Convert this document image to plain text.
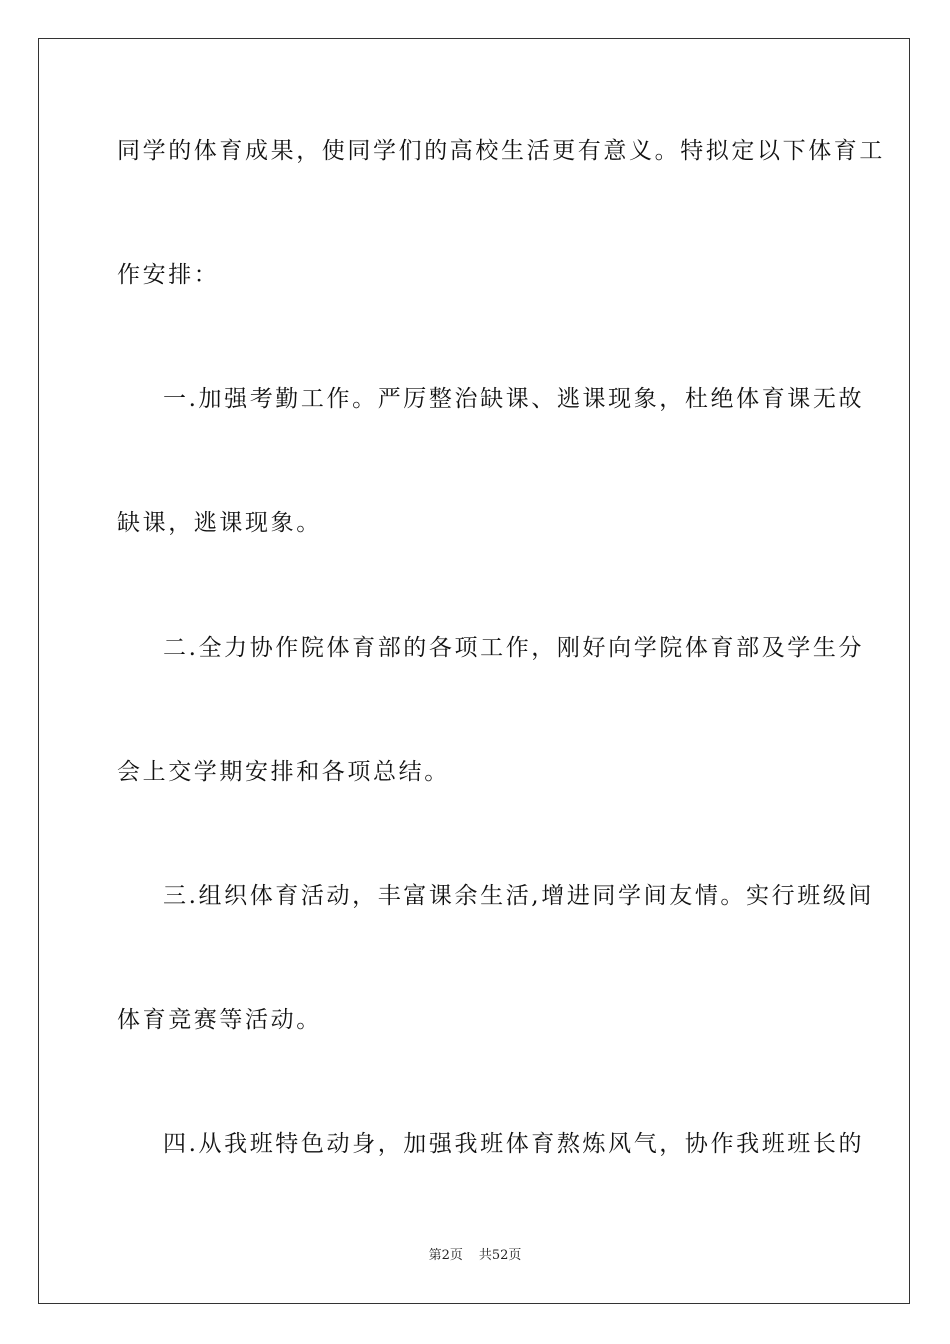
同学的体育成果，使同学们的高校生活更有意义。特拟定以下体育工
作安排：
一.加强考勤工作。严厉整治缺课、逃课现象，杜绝体育课无故
缺课，逃课现象。
二.全力协作院体育部的各项工作，刚好向学院体育部及学生分
会上交学期安排和各项总结。
三.组织体育活动，丰富课余生活,增进同学间友情。实行班级间
体育竞赛等活动。
四.从我班特色动身，加强我班体育熬炼风气，协作我班班长的
第2页 共52页
